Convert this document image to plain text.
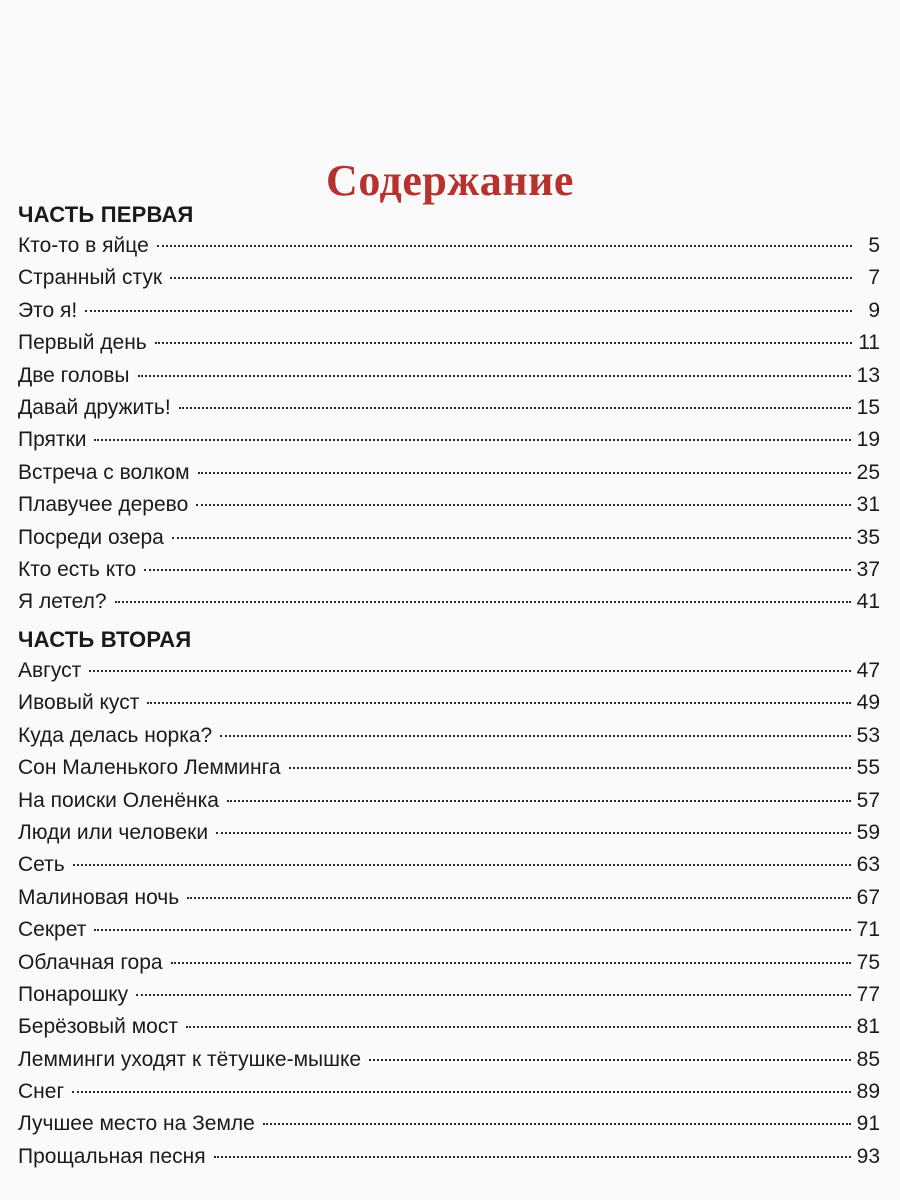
Содержание
ЧАСТЬ ПЕРВАЯ
Кто-то в яйце	5
Странный стук	7
Это я!	9
Первый день	11
Две головы	13
Давай дружить!	15
Прятки	19
Встреча с волком	25
Плавучее дерево	31
Посреди озера	35
Кто есть кто	37
Я летел?	41
ЧАСТЬ ВТОРАЯ
Август	47
Ивовый куст	49
Куда делась норка?	53
Сон Маленького Лемминга	55
На поиски Оленёнка	57
Люди или человеки	59
Сеть	63
Малиновая ночь	67
Секрет	71
Облачная гора	75
Понарошку	77
Берёзовый мост	81
Лемминги уходят к тётушке-мышке	85
Снег	89
Лучшее место на Земле	91
Прощальная песня	93
